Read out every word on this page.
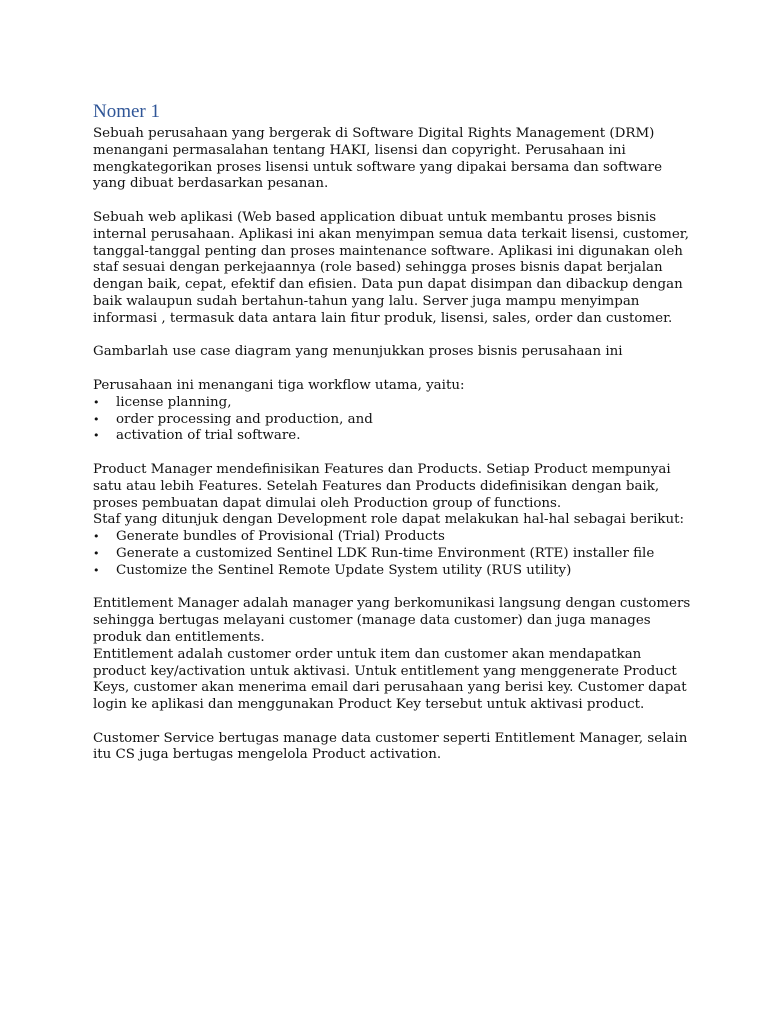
Nomer 1

Sebuah perusahaan yang bergerak di Software Digital Rights Management (DRM) menangani permasalahan tentang HAKI, lisensi dan copyright. Perusahaan ini mengkategorikan proses lisensi untuk software yang dipakai bersama dan software yang dibuat berdasarkan pesanan.

Sebuah web aplikasi (Web based application dibuat untuk membantu proses bisnis internal perusahaan. Aplikasi ini akan menyimpan semua data terkait lisensi, customer, tanggal-tanggal penting dan proses maintenance software. Aplikasi ini digunakan oleh staf sesuai dengan perkejaannya (role based) sehingga proses bisnis dapat berjalan dengan baik, cepat, efektif dan efisien. Data pun dapat disimpan dan dibackup dengan baik walaupun sudah bertahun-tahun yang lalu. Server juga mampu menyimpan informasi , termasuk data antara lain fitur produk, lisensi, sales, order dan customer.

Gambarlah use case diagram yang menunjukkan proses bisnis perusahaan ini

Perusahaan ini menangani tiga workflow utama, yaitu:

• license planning,
• order processing and production, and
• activation of trial software.

Product Manager mendefinisikan Features dan Products. Setiap Product mempunyai satu atau lebih Features. Setelah Features dan Products didefinisikan dengan baik, proses pembuatan dapat dimulai oleh Production group of functions.

Staf yang ditunjuk dengan Development role dapat melakukan hal-hal sebagai berikut:

• Generate bundles of Provisional (Trial) Products
• Generate a customized Sentinel LDK Run-time Environment (RTE) installer file
• Customize the Sentinel Remote Update System utility (RUS utility)

Entitlement Manager adalah manager yang berkomunikasi langsung dengan customers sehingga bertugas melayani customer (manage data customer) dan juga manages produk dan entitlements.

Entitlement adalah customer order untuk item dan customer akan mendapatkan product key/activation untuk aktivasi. Untuk entitlement yang menggenerate Product Keys, customer akan menerima email dari perusahaan yang berisi key. Customer dapat login ke aplikasi dan menggunakan Product Key tersebut untuk aktivasi product.

Customer Service bertugas manage data customer seperti Entitlement Manager, selain itu CS juga bertugas mengelola Product activation.
